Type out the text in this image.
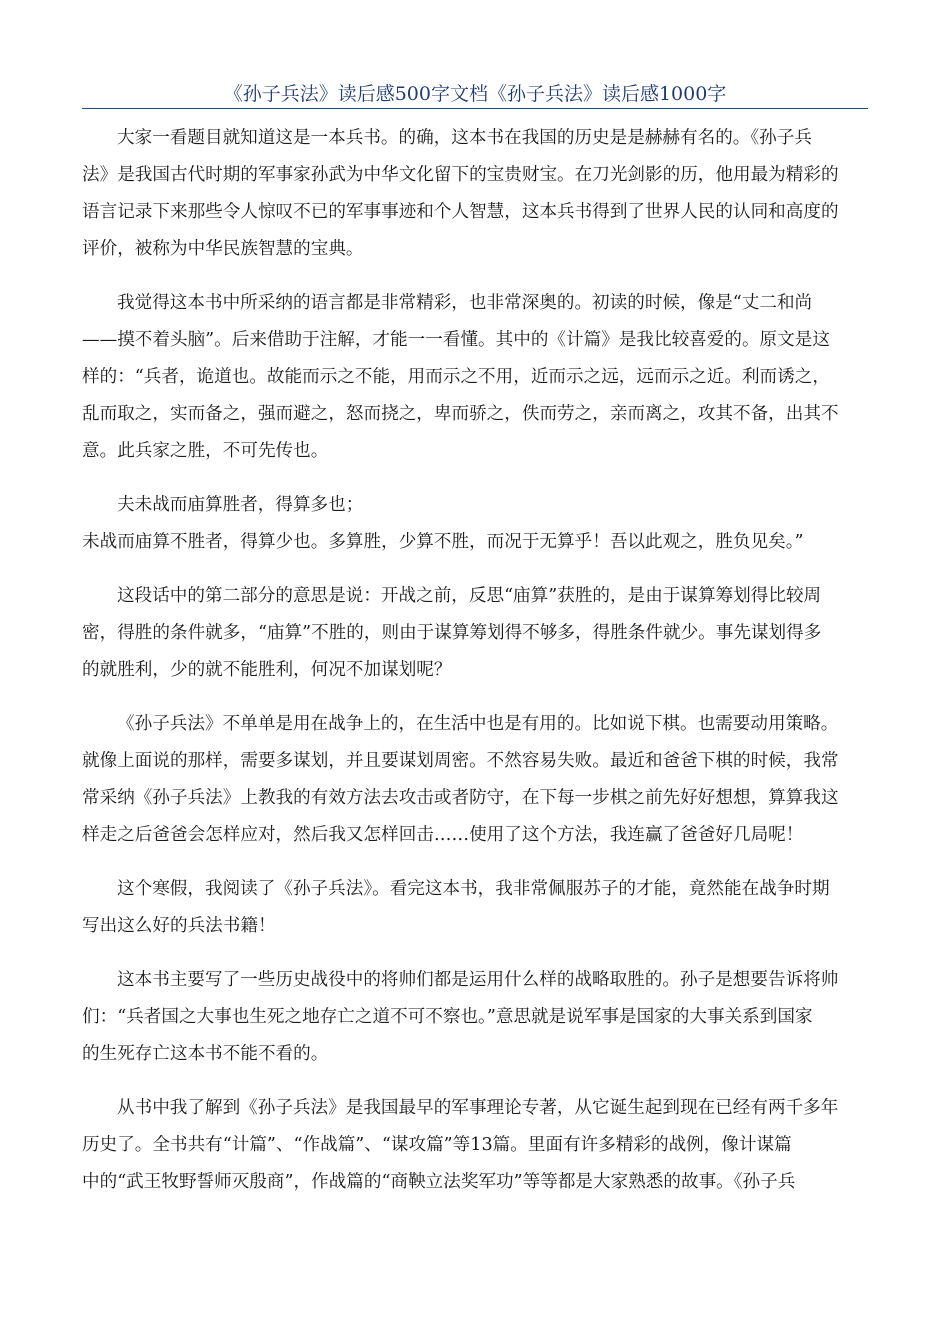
《孙子兵法》读后感500字文档《孙子兵法》读后感1000字

大家一看题目就知道这是一本兵书。的确，这本书在我国的历史是是赫赫有名的。《孙子兵
法》是我国古代时期的军事家孙武为中华文化留下的宝贵财宝。在刀光剑影的历，他用最为精彩的
语言记录下来那些令人惊叹不已的军事事迹和个人智慧，这本兵书得到了世界人民的认同和高度的
评价，被称为中华民族智慧的宝典。

我觉得这本书中所采纳的语言都是非常精彩，也非常深奥的。初读的时候，像是“丈二和尚
——摸不着头脑”。后来借助于注解，才能一一看懂。其中的《计篇》是我比较喜爱的。原文是这
样的：“兵者，诡道也。故能而示之不能，用而示之不用，近而示之远，远而示之近。利而诱之，
乱而取之，实而备之，强而避之，怒而挠之，卑而骄之，佚而劳之，亲而离之，攻其不备，出其不
意。此兵家之胜，不可先传也。

夫未战而庙算胜者，得算多也；

未战而庙算不胜者，得算少也。多算胜，少算不胜，而况于无算乎！吾以此观之，胜负见矣。”

这段话中的第二部分的意思是说：开战之前，反思“庙算”获胜的，是由于谋算筹划得比较周
密，得胜的条件就多，“庙算”不胜的，则由于谋算筹划得不够多，得胜条件就少。事先谋划得多
的就胜利，少的就不能胜利，何况不加谋划呢？

《孙子兵法》不单单是用在战争上的，在生活中也是有用的。比如说下棋。也需要动用策略。
就像上面说的那样，需要多谋划，并且要谋划周密。不然容易失败。最近和爸爸下棋的时候，我常
常采纳《孙子兵法》上教我的有效方法去攻击或者防守，在下每一步棋之前先好好想想，算算我这
样走之后爸爸会怎样应对，然后我又怎样回击……使用了这个方法，我连赢了爸爸好几局呢！

这个寒假，我阅读了《孙子兵法》。看完这本书，我非常佩服苏子的才能，竟然能在战争时期
写出这么好的兵法书籍！

这本书主要写了一些历史战役中的将帅们都是运用什么样的战略取胜的。孙子是想要告诉将帅
们：“兵者国之大事也生死之地存亡之道不可不察也。”意思就是说军事是国家的大事关系到国家
的生死存亡这本书不能不看的。

从书中我了解到《孙子兵法》是我国最早的军事理论专著，从它诞生起到现在已经有两千多年
历史了。全书共有“计篇”、“作战篇”、“谋攻篇”等13篇。里面有许多精彩的战例，像计谋篇
中的“武王牧野誓师灭殷商”，作战篇的“商鞅立法奖军功”等等都是大家熟悉的故事。《孙子兵
